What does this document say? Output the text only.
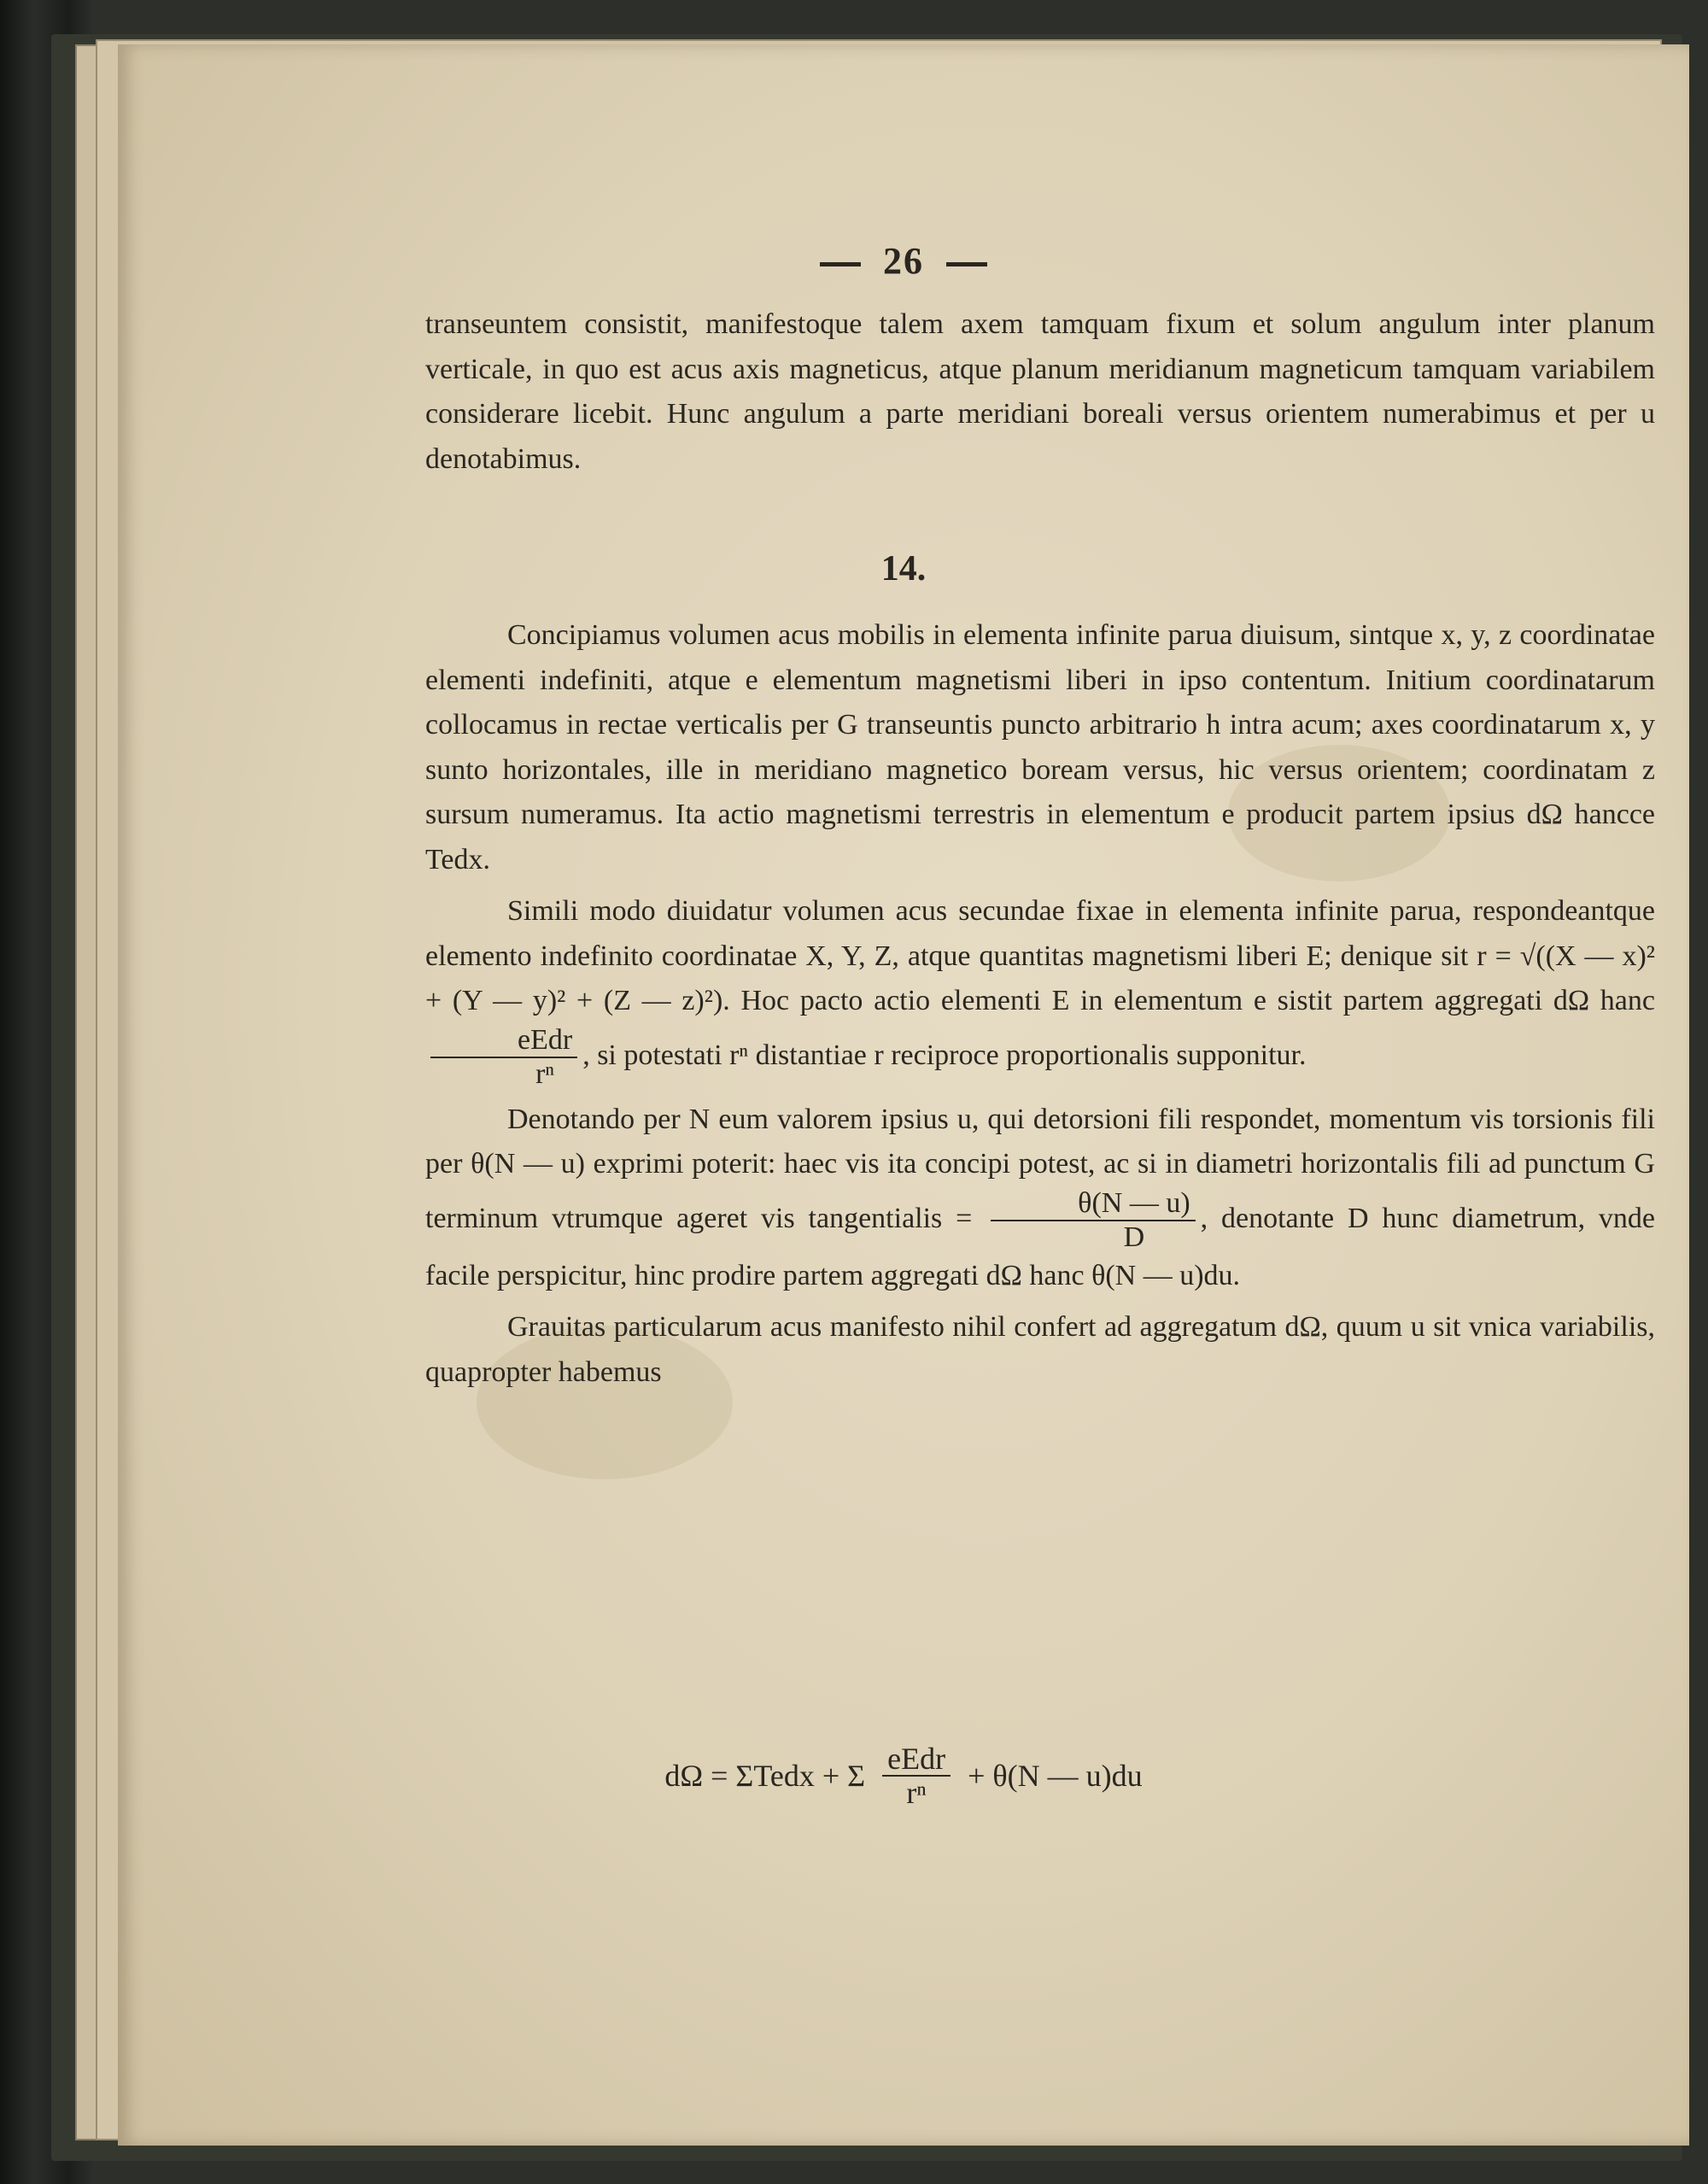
26

transeuntem consistit, manifestoque talem axem tamquam fixum et solum angulum inter planum verticale, in quo est acus axis magneticus, atque planum meridianum magneticum tamquam variabilem considerare licebit. Hunc angulum a parte meridiani boreali versus orientem numerabimus et per u denotabimus.

14.

Concipiamus volumen acus mobilis in elementa infinite parua diuisum, sintque x, y, z coordinatae elementi indefiniti, atque e elementum magnetismi liberi in ipso contentum. Initium coordinatarum collocamus in rectae verticalis per G transeuntis puncto arbitrario h intra acum; axes coordinatarum x, y sunto horizontales, ille in meridiano magnetico boream versus, hic versus orientem; coordinatam z sursum numeramus. Ita actio magnetismi terrestris in elementum e producit partem ipsius dΩ hancce Tedx.

Simili modo diuidatur volumen acus secundae fixae in elementa infinite parua, respondeantque elemento indefinito coordinatae X, Y, Z, atque quantitas magnetismi liberi E; denique sit r = √((X — x)² + (Y — y)² + (Z — z)²). Hoc pacto actio elementi E in elementum e sistit partem aggregati dΩ hanc
$\frac{\text{eEdr}}{\text{rⁿ}}$ , si potestati rⁿ distantiae r reciproce proportionalis supponitur.

Denotando per N eum valorem ipsius u, qui detorsioni fili respondet, momentum vis torsionis fili per θ(N — u) exprimi poterit: haec vis ita concipi potest, ac si in diametri horizontalis fili ad punctum G terminum vtrumque ageret vis tangentialis = $\frac{\theta(N — u)}{D}$ , denotante D hunc diametrum, vnde facile perspicitur, hinc prodire partem aggregati dΩ hanc θ(N — u)du.

Grauitas particularum acus manifesto nihil confert ad aggregatum dΩ, quum u sit vnica variabilis, quapropter habemus

dΩ = ΣTedx + Σ $\frac{\text{eEdr}}{\text{rⁿ}} + \theta(N$ — u)du
